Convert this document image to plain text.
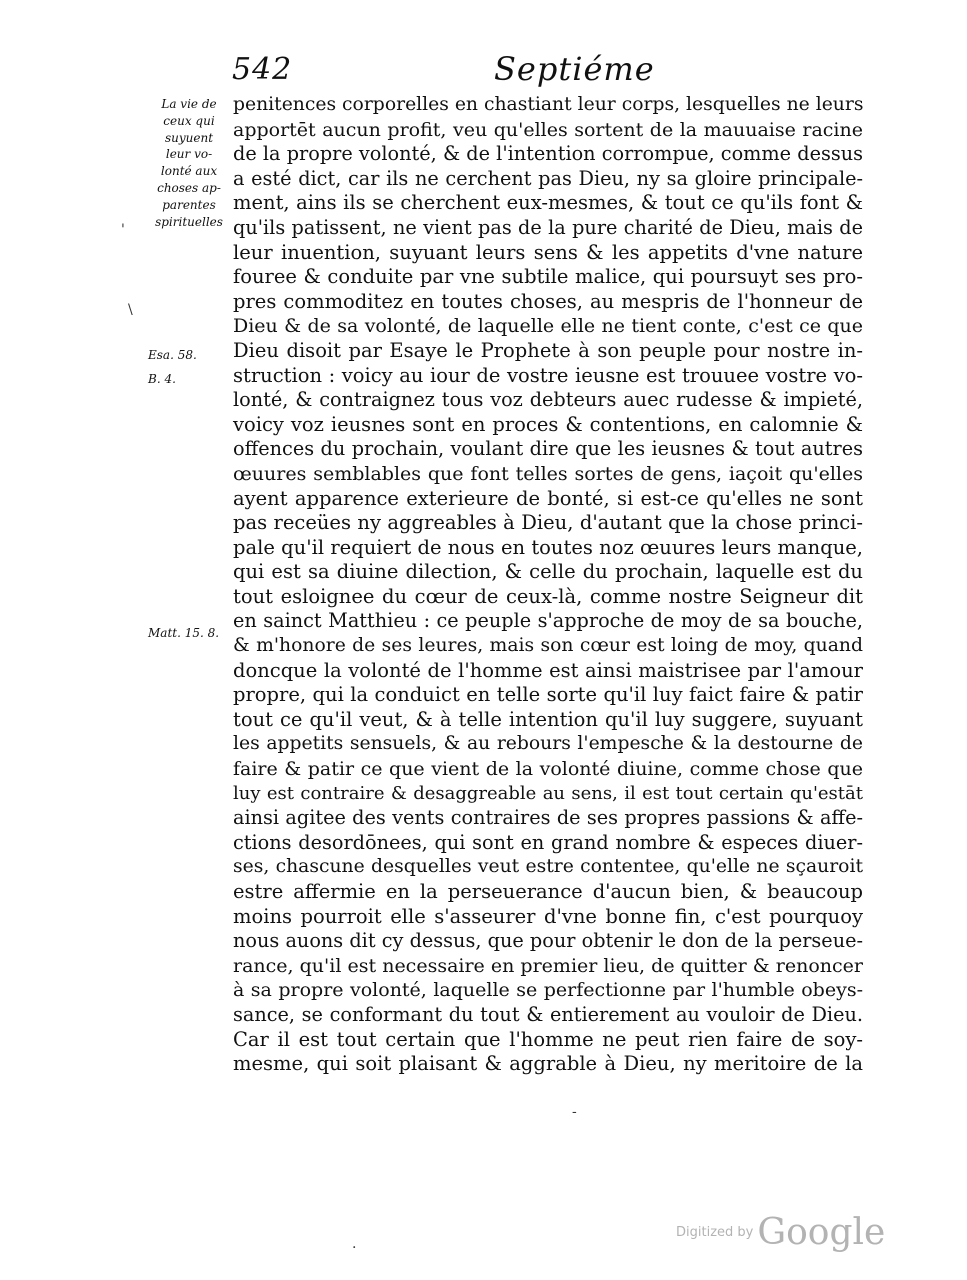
542	Septiéme
La vie de
ceux qui
suyuent
leur vo-
lonté aux
choses ap-
parentes
spirituelles
Esa. 58.
B. 4.
Matt. 15. 8.
\
'
penitences corporelles en chastiant leur corps, lesquelles ne leurs
apportēt aucun profit, veu qu'elles sortent de la mauuaise racine
de la propre volonté, & de l'intention corrompue, comme dessus
a esté dict, car ils ne cerchent pas Dieu, ny sa gloire principale-
ment, ains ils se cherchent eux-mesmes, & tout ce qu'ils font &
qu'ils patissent, ne vient pas de la pure charité de Dieu, mais de
leur inuention, suyuant leurs sens & les appetits d'vne nature
fouree & conduite par vne subtile malice, qui poursuyt ses pro-
pres commoditez en toutes choses, au mespris de l'honneur de
Dieu & de sa volonté, de laquelle elle ne tient conte, c'est ce que
Dieu disoit par Esaye le Prophete à son peuple pour nostre in-
struction : voicy au iour de vostre ieusne est trouuee vostre vo-
lonté, & contraignez tous voz debteurs auec rudesse & impieté,
voicy voz ieusnes sont en proces & contentions, en calomnie &
offences du prochain, voulant dire que les ieusnes & tout autres
œuures semblables que font telles sortes de gens, iaçoit qu'elles
ayent apparence exterieure de bonté, si est-ce qu'elles ne sont
pas receües ny aggreables à Dieu, d'autant que la chose princi-
pale qu'il requiert de nous en toutes noz œuures leurs manque,
qui est sa diuine dilection, & celle du prochain, laquelle est du
tout esloignee du cœur de ceux-là, comme nostre Seigneur dit
en sainct Matthieu : ce peuple s'approche de moy de sa bouche,
& m'honore de ses leures, mais son cœur est loing de moy, quand
doncque la volonté de l'homme est ainsi maistrisee par l'amour
propre, qui la conduict en telle sorte qu'il luy faict faire & patir
tout ce qu'il veut, & à telle intention qu'il luy suggere, suyuant
les appetits sensuels, & au rebours l'empesche & la destourne de
faire & patir ce que vient de la volonté diuine, comme chose que
luy est contraire & desaggreable au sens, il est tout certain qu'estāt
ainsi agitee des vents contraires de ses propres passions & affe-
ctions desordōnees, qui sont en grand nombre & especes diuer-
ses, chascune desquelles veut estre contentee, qu'elle ne sçauroit
estre affermie en la perseuerance d'aucun bien, & beaucoup
moins pourroit elle s'asseurer d'vne bonne fin, c'est pourquoy
nous auons dit cy dessus, que pour obtenir le don de la perseue-
rance, qu'il est necessaire en premier lieu, de quitter & renoncer
à sa propre volonté, laquelle se perfectionne par l'humble obeys-
sance, se conformant du tout & entierement au vouloir de Dieu.
Car il est tout certain que l'homme ne peut rien faire de soy-
mesme, qui soit plaisant & aggrable à Dieu, ny meritoire de la
-
.
Digitized by Google
